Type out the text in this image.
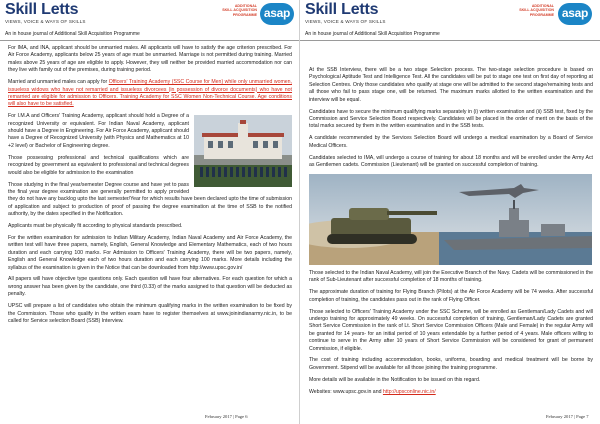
Skill Letts
VIEWS, VOICE & WAYS OF SKILLS
An in house journal of Additional Skill Acquisition Programme
ADDITIONAL
SKILL ACQUISITION
PROGRAMME asap

For IMA, and INA, applicant should be unmarried males. All applicants will have to satisfy the age criterion prescribed. For Air Force Academy, applicants below 25 years of age must be unmarried. Marriage is not permitted during training. Married males above 25 years of age are eligible to apply. However, they will neither be provided married accommodation nor can they live with family out of the premises, during training period.

Married and unmarried males can apply for Officers' Training Academy (SSC Course for Men) while only unmarried women, issueless widows who have not remarried and issueless divorcees (in possession of divorce documents) who have not remarried are eligible for admission to Officers. Training Academy for SSC Women Non-Technical Course. Age conditions will also have to be satisfied.

For I.M.A and Officers' Training Academy, applicant should hold a Degree of a recognized University or equivalent. For Indian Naval Academy, applicant should have a Degree in Engineering. For Air Force Academy, applicant should have a Degree of Recognized University (with Physics and Mathematics at 10 +2 level) or Bachelor of Engineering degree.

Those possessing professional and technical qualifications which are recognized by government as equivalent to professional and technical degrees would also be eligible for admission to the examination

Those studying in the final year/semester Degree course and have yet to pass the final year degree examination are generally permitted to apply provided they do not have any backlog upto the last semester/Year for which results have been declared upto the time of submission of application and subject to production of proof of passing the degree examination at the time of SSB to the notified authority, by the dates specified in the Notification.

Applicants must be physically fit according to physical standards prescribed.

For the written examination for admission to Indian Military Academy, Indian Naval Academy and Air Force Academy, the written test will have three papers, namely, English, General Knowledge and Elementary Mathematics, each of two hours duration and each carrying 100 marks. For Admission to Officers' Training Academy, there will be two papers, namely, English and General Knowledge each of two hours duration and each carrying 100 marks. More details including the syllabus of the examination is given in the Notice that can be downloaded from http://www.upsc.gov.in/

All papers will have objective type questions only. Each question will have four alternatives. For each question for which a wrong answer has been given by the candidate, one third (0.33) of the marks assigned to that question will be deducted as penalty.

UPSC will prepare a list of candidates who obtain the minimum qualifying marks in the written examination to be fixed by the Commission. Those who qualify in the written exam have to register themselves at www.joinindianarmy.nic.in, to be called for Service selection Board (SSB) Interview.

February 2017 | Page 6
Skill Letts
VIEWS, VOICE & WAYS OF SKILLS
An in house journal of Additional Skill Acquisition Programme
ADDITIONAL
SKILL ACQUISITION
PROGRAMME asap

At the SSB Interview, there will be a two stage Selection process. The two-stage selection procedure is based on Psychological Aptitude Test and Intelligence Test. All the candidates will be put to stage one test on first day of reporting at Selection Centres. Only those candidates who qualify at stage one will be admitted to the second stage/remaining tests and all those who fail to pass stage one, will be returned. The maximum marks allotted to the written examination and the interview will be equal.

Candidates have to secure the minimum qualifying marks separately in (i) written examination and (ii) SSB test, fixed by the Commission and Service Selection Board respectively. Candidates will be placed in the order of merit on the basis of the total marks secured by them in the written examination and in the SSB tests.

A candidate recommended by the Services Selection Board will undergo a medical examination by a Board of Service Medical Officers.

Candidates selected to IMA, will undergo a course of training for about 18 months and will be enrolled under the Army Act as Gentlemen cadets. Commission (Lieutenant) will be granted on successful completion of training.

Those selected to the Indian Naval Academy, will join the Executive Branch of the Navy. Cadets will be commissioned in the rank of Sub-Lieutenant after successful completion of 18 months of training.

The approximate duration of training for Flying Branch (Pilots) at the Air Force Academy will be 74 weeks. After successful completion of training, the candidates pass out in the rank of Flying Officer.

Those selected to Officers' Training Academy under the SSC Scheme, will be enrolled as Gentleman/Lady Cadets and will undergo training for approximately 49 weeks. On successful completion of training, Gentleman/Lady Cadets are granted Short Service Commission in the rank of Lt. Short Service Commission Officers (Male and Female) in the regular Army will be granted for 14 years- for an initial period of 10 years extendable by a further period of 4 years. Male officers willing to continue to serve in the Army after 10 years of Short Service Commission will be considered for grant of permanent Commission, if eligible.

The cost of training including accommodation, books, uniforms, boarding and medical treatment will be borne by Government. Stipend will be available for all those joining the training programme.

More details will be available in the Notification to be issued on this regard.

Websites: www.upsc.gov.in and http://upsconline.nic.in/

February 2017 | Page 7
